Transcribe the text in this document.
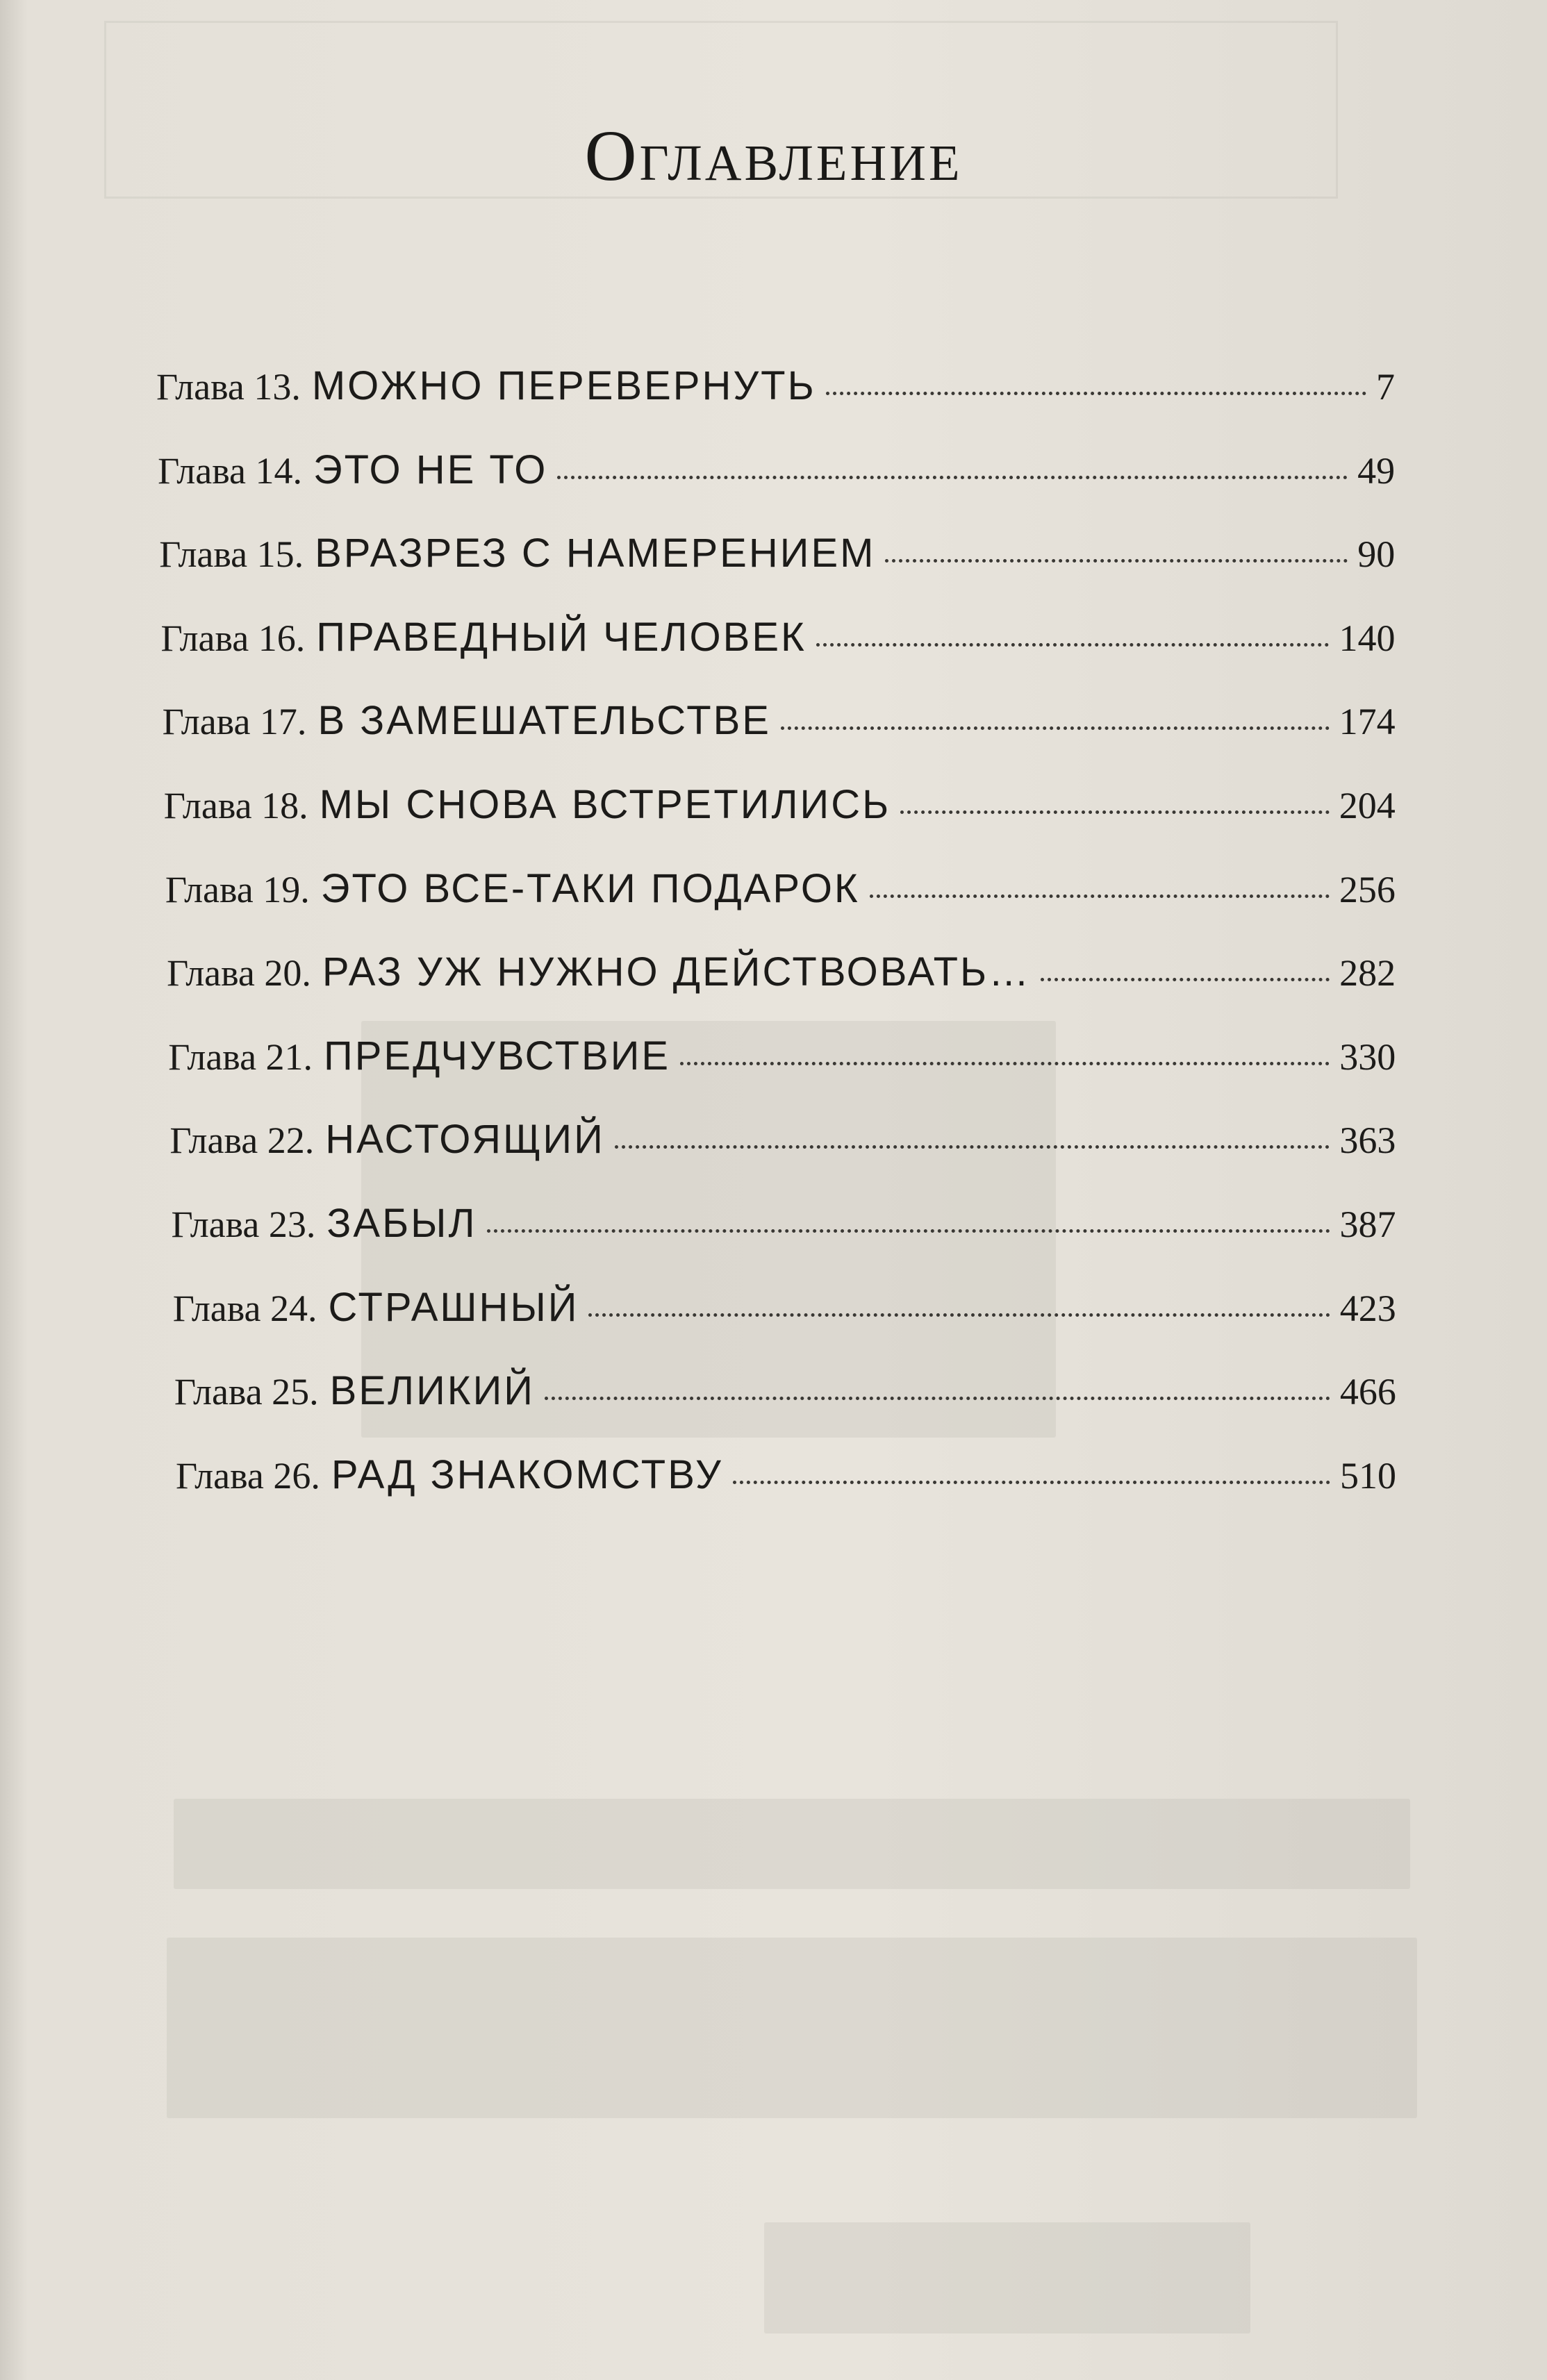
Оглавление
Глава 13. МОЖНО ПЕРЕВЕРНУТЬ	7
Глава 14. ЭТО НЕ ТО	49
Глава 15. ВРАЗРЕЗ С НАМЕРЕНИЕМ	90
Глава 16. ПРАВЕДНЫЙ ЧЕЛОВЕК	140
Глава 17. В ЗАМЕШАТЕЛЬСТВЕ	174
Глава 18. МЫ СНОВА ВСТРЕТИЛИСЬ	204
Глава 19. ЭТО ВСЕ-ТАКИ ПОДАРОК	256
Глава 20. РАЗ УЖ НУЖНО ДЕЙСТВОВАТЬ…	282
Глава 21. ПРЕДЧУВСТВИЕ	330
Глава 22. НАСТОЯЩИЙ	363
Глава 23. ЗАБЫЛ	387
Глава 24. СТРАШНЫЙ	423
Глава 25. ВЕЛИКИЙ	466
Глава 26. РАД ЗНАКОМСТВУ	510
